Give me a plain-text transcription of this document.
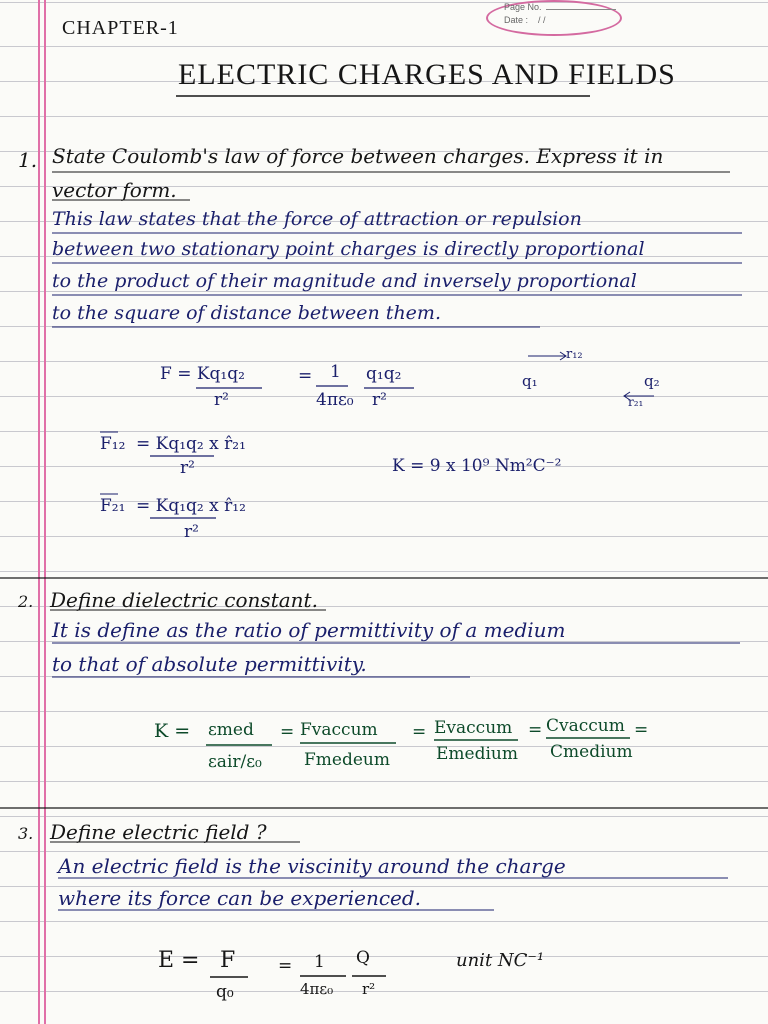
Page No.
Date : / /
CHAPTER-1
ELECTRIC CHARGES AND FIELDS
1. State Coulomb's law of force between charges. Express it in
vector form.
This law states that the force of attraction or repulsion
between two stationary point charges is directly proportional
to the product of their magnitude and inversely proportional
to the square of distance between them.
F = Kq₁q₂
r²
= 1
4πε₀
q₁q₂
r²
r₁₂
q₁	q₂
r₂₁
F₁₂ = Kq₁q₂ x r̂₂₁
r²	K = 9 x 10⁹ Nm²C⁻²
F₂₁ = Kq₁q₂ x r̂₁₂
r²
2. Define dielectric constant.
It is define as the ratio of permittivity of a medium
to that of absolute permittivity.
K = εmed
εair/ε₀
= Fvaccum
Fmedeum
= Evaccum
Emedium
= Cvaccum
Cmedium
=
3. Define electric field ?
An electric field is the viscinity around the charge
where its force can be experienced.
E = F
q₀
= 1
4πε₀
Q
r²
unit NC⁻¹
